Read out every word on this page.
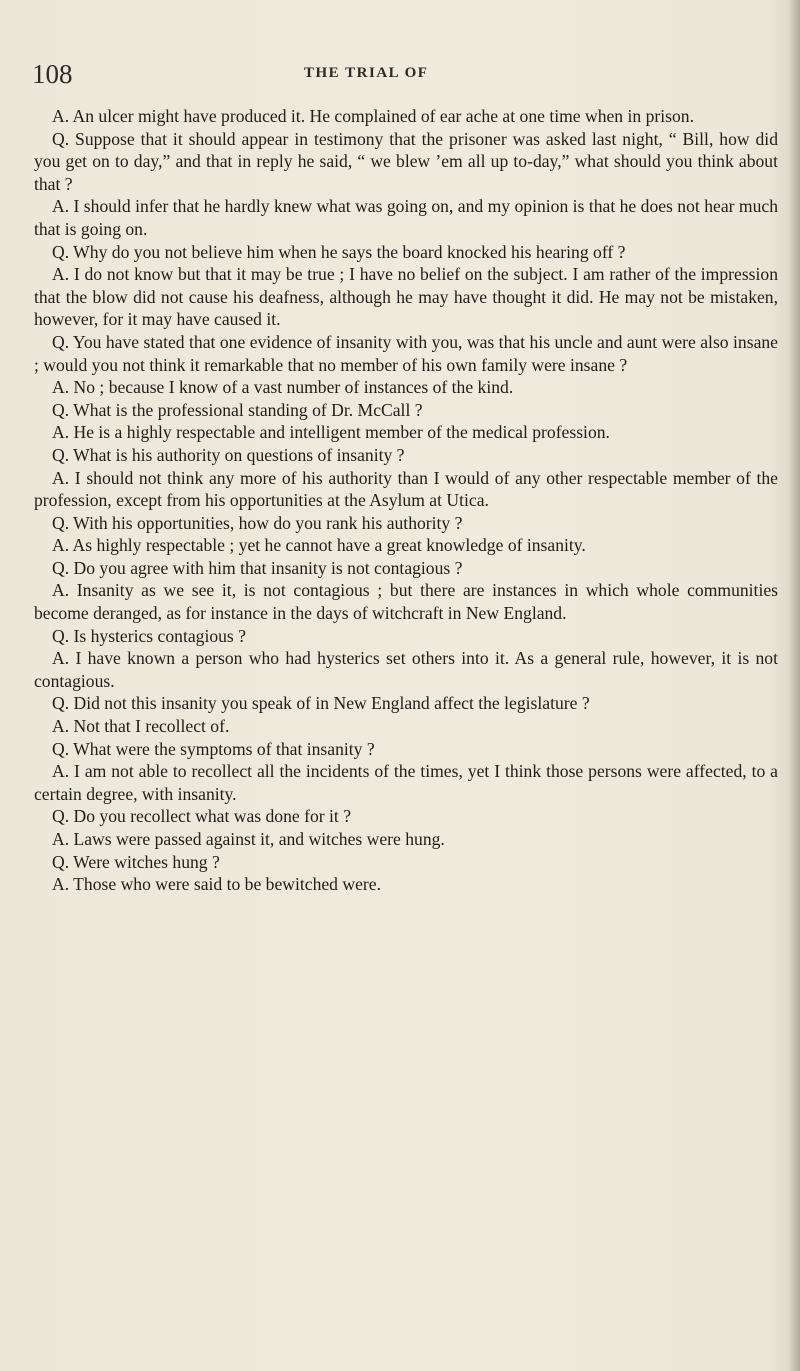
108	THE TRIAL OF

A. An ulcer might have produced it. He complained of ear ache at one time when in prison.

Q. Suppose that it should appear in testimony that the prisoner was asked last night, “ Bill, how did you get on to day,” and that in reply he said, “ we blew ’em all up to-day,” what should you think about that ?

A. I should infer that he hardly knew what was going on, and my opinion is that he does not hear much that is going on.

Q. Why do you not believe him when he says the board knocked his hearing off ?

A. I do not know but that it may be true ; I have no belief on the subject. I am rather of the impression that the blow did not cause his deafness, although he may have thought it did. He may not be mistaken, however, for it may have caused it.

Q. You have stated that one evidence of insanity with you, was that his uncle and aunt were also insane ; would you not think it remarkable that no member of his own family were insane ?

A. No ; because I know of a vast number of instances of the kind.

Q. What is the professional standing of Dr. McCall ?

A. He is a highly respectable and intelligent member of the medical profession.

Q. What is his authority on questions of insanity ?

A. I should not think any more of his authority than I would of any other respectable member of the profession, except from his opportunities at the Asylum at Utica.

Q. With his opportunities, how do you rank his authority ?

A. As highly respectable ; yet he cannot have a great knowledge of insanity.

Q. Do you agree with him that insanity is not contagious ?

A. Insanity as we see it, is not contagious ; but there are instances in which whole communities become deranged, as for instance in the days of witchcraft in New England.

Q. Is hysterics contagious ?

A. I have known a person who had hysterics set others into it. As a general rule, however, it is not contagious.

Q. Did not this insanity you speak of in New England affect the legislature ?

A. Not that I recollect of.

Q. What were the symptoms of that insanity ?

A. I am not able to recollect all the incidents of the times, yet I think those persons were affected, to a certain degree, with insanity.

Q. Do you recollect what was done for it ?

A. Laws were passed against it, and witches were hung.

Q. Were witches hung ?

A. Those who were said to be bewitched were.
